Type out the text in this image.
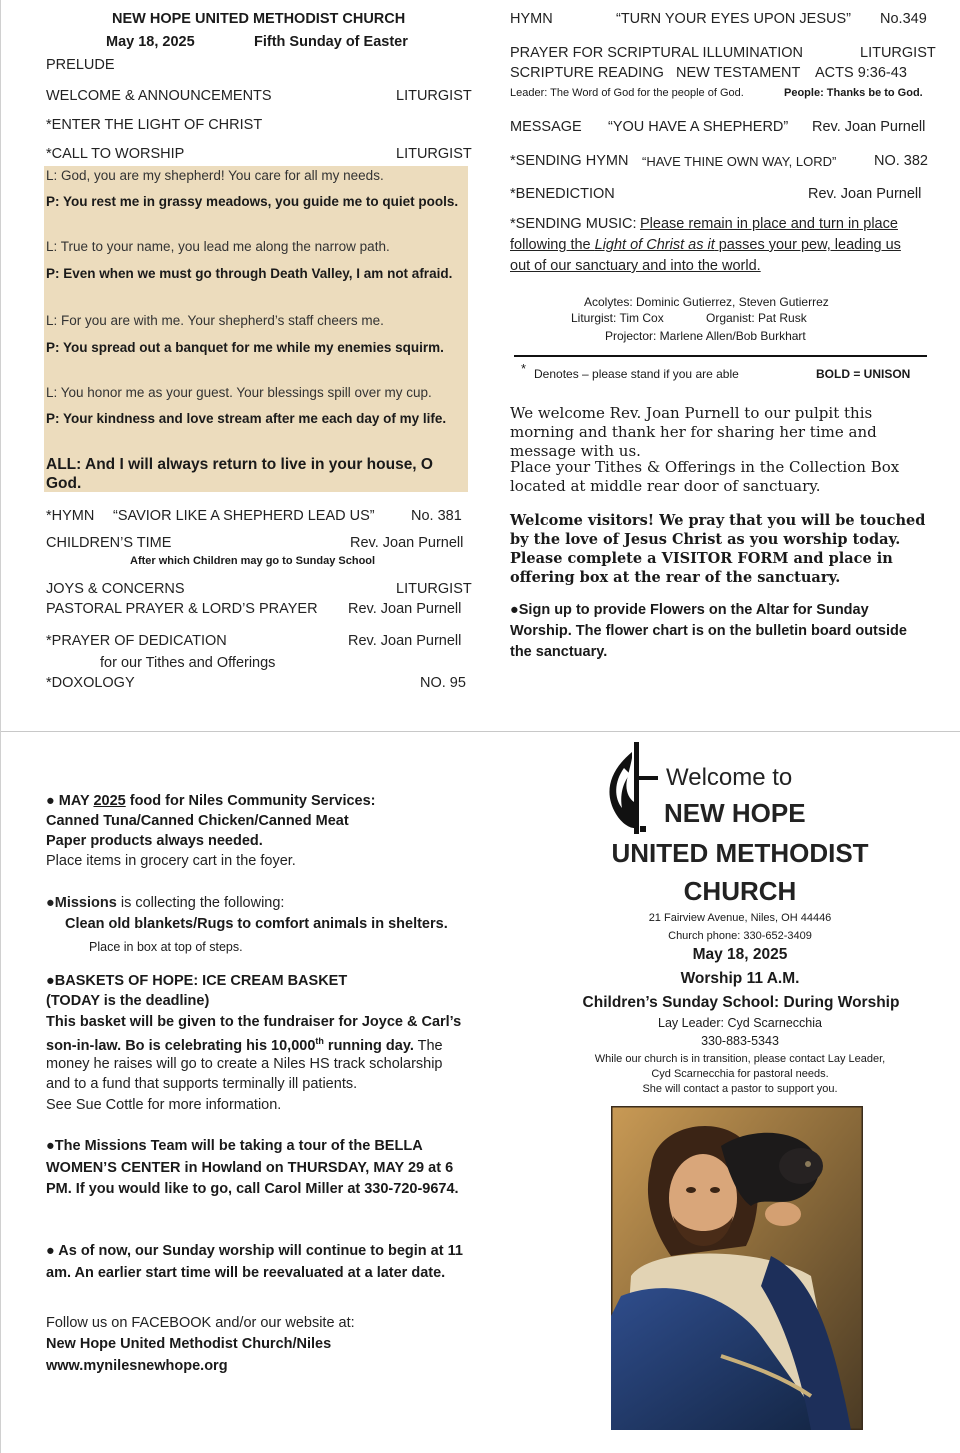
NEW HOPE UNITED METHODIST CHURCH
May 18, 2025	Fifth Sunday of Easter
PRELUDE
WELCOME & ANNOUNCEMENTS	LITURGIST
*ENTER THE LIGHT OF CHRIST
*CALL TO WORSHIP	LITURGIST
L: God, you are my shepherd! You care for all my needs.
P: You rest me in grassy meadows, you guide me to quiet pools.
L: True to your name, you lead me along the narrow path.
P: Even when we must go through Death Valley, I am not afraid.
L: For you are with me. Your shepherd’s staff cheers me.
P: You spread out a banquet for me while my enemies squirm.
L: You honor me as your guest. Your blessings spill over my cup.
P: Your kindness and love stream after me each day of my life.
ALL: And I will always return to live in your house, O God.
*HYMN “SAVIOR LIKE A SHEPHERD LEAD US”	No. 381
CHILDREN’S TIME	Rev. Joan Purnell
After which Children may go to Sunday School
JOYS & CONCERNS	LITURGIST
PASTORAL PRAYER & LORD’S PRAYER Rev. Joan Purnell
*PRAYER OF DEDICATION	Rev. Joan Purnell
for our Tithes and Offerings
*DOXOLOGY	NO. 95
HYMN	“TURN YOUR EYES UPON JESUS” No.349
PRAYER FOR SCRIPTURAL ILLUMINATION	LITURGIST
SCRIPTURE READING NEW TESTAMENT ACTS 9:36-43
Leader: The Word of God for the people of God.	People: Thanks be to God.
MESSAGE “YOU HAVE A SHEPHERD” Rev. Joan Purnell
*SENDING HYMN “HAVE THINE OWN WAY, LORD”	NO. 382
*BENEDICTION	Rev. Joan Purnell
*SENDING MUSIC: Please remain in place and turn in place
following the Light of Christ as it passes your pew, leading us
out of our sanctuary and into the world.
Acolytes: Dominic Gutierrez, Steven Gutierrez
Liturgist: Tim Cox	Organist: Pat Rusk
Projector: Marlene Allen/Bob Burkhart
* Denotes – please stand if you are able	BOLD = UNISON
We welcome Rev. Joan Purnell to our pulpit this morning and thank her for sharing her time and message with us.
Place your Tithes & Offerings in the Collection Box located at middle rear door of sanctuary.
Welcome visitors! We pray that you will be touched by the love of Jesus Christ as you worship today. Please complete a VISITOR FORM and place in offering box at the rear of the sanctuary.
●Sign up to provide Flowers on the Altar for Sunday Worship. The flower chart is on the bulletin board outside the sanctuary.
● MAY 2025 food for Niles Community Services:
Canned Tuna/Canned Chicken/Canned Meat
Paper products always needed.
Place items in grocery cart in the foyer.
●Missions is collecting the following:
Clean old blankets/Rugs to comfort animals in shelters.
Place in box at top of steps.
●BASKETS OF HOPE: ICE CREAM BASKET
(TODAY is the deadline)
This basket will be given to the fundraiser for Joyce & Carl’s
son-in-law. Bo is celebrating his 10,000th running day. The
money he raises will go to create a Niles HS track scholarship
and to a fund that supports terminally ill patients.
See Sue Cottle for more information.
●The Missions Team will be taking a tour of the BELLA WOMEN’S CENTER in Howland on THURSDAY, MAY 29 at 6 PM. If you would like to go, call Carol Miller at 330-720-9674.
● As of now, our Sunday worship will continue to begin at 11 am. An earlier start time will be reevaluated at a later date.
Follow us on FACEBOOK and/or our website at:
New Hope United Methodist Church/Niles
www.mynilesnewhope.org
Welcome to
NEW HOPE
UNITED METHODIST
CHURCH
21 Fairview Avenue, Niles, OH 44446
Church phone: 330-652-3409
May 18, 2025
Worship 11 A.M.
Children’s Sunday School: During Worship
Lay Leader: Cyd Scarnecchia
330-883-5343
While our church is in transition, please contact Lay Leader,
Cyd Scarnecchia for pastoral needs.
She will contact a pastor to support you.
